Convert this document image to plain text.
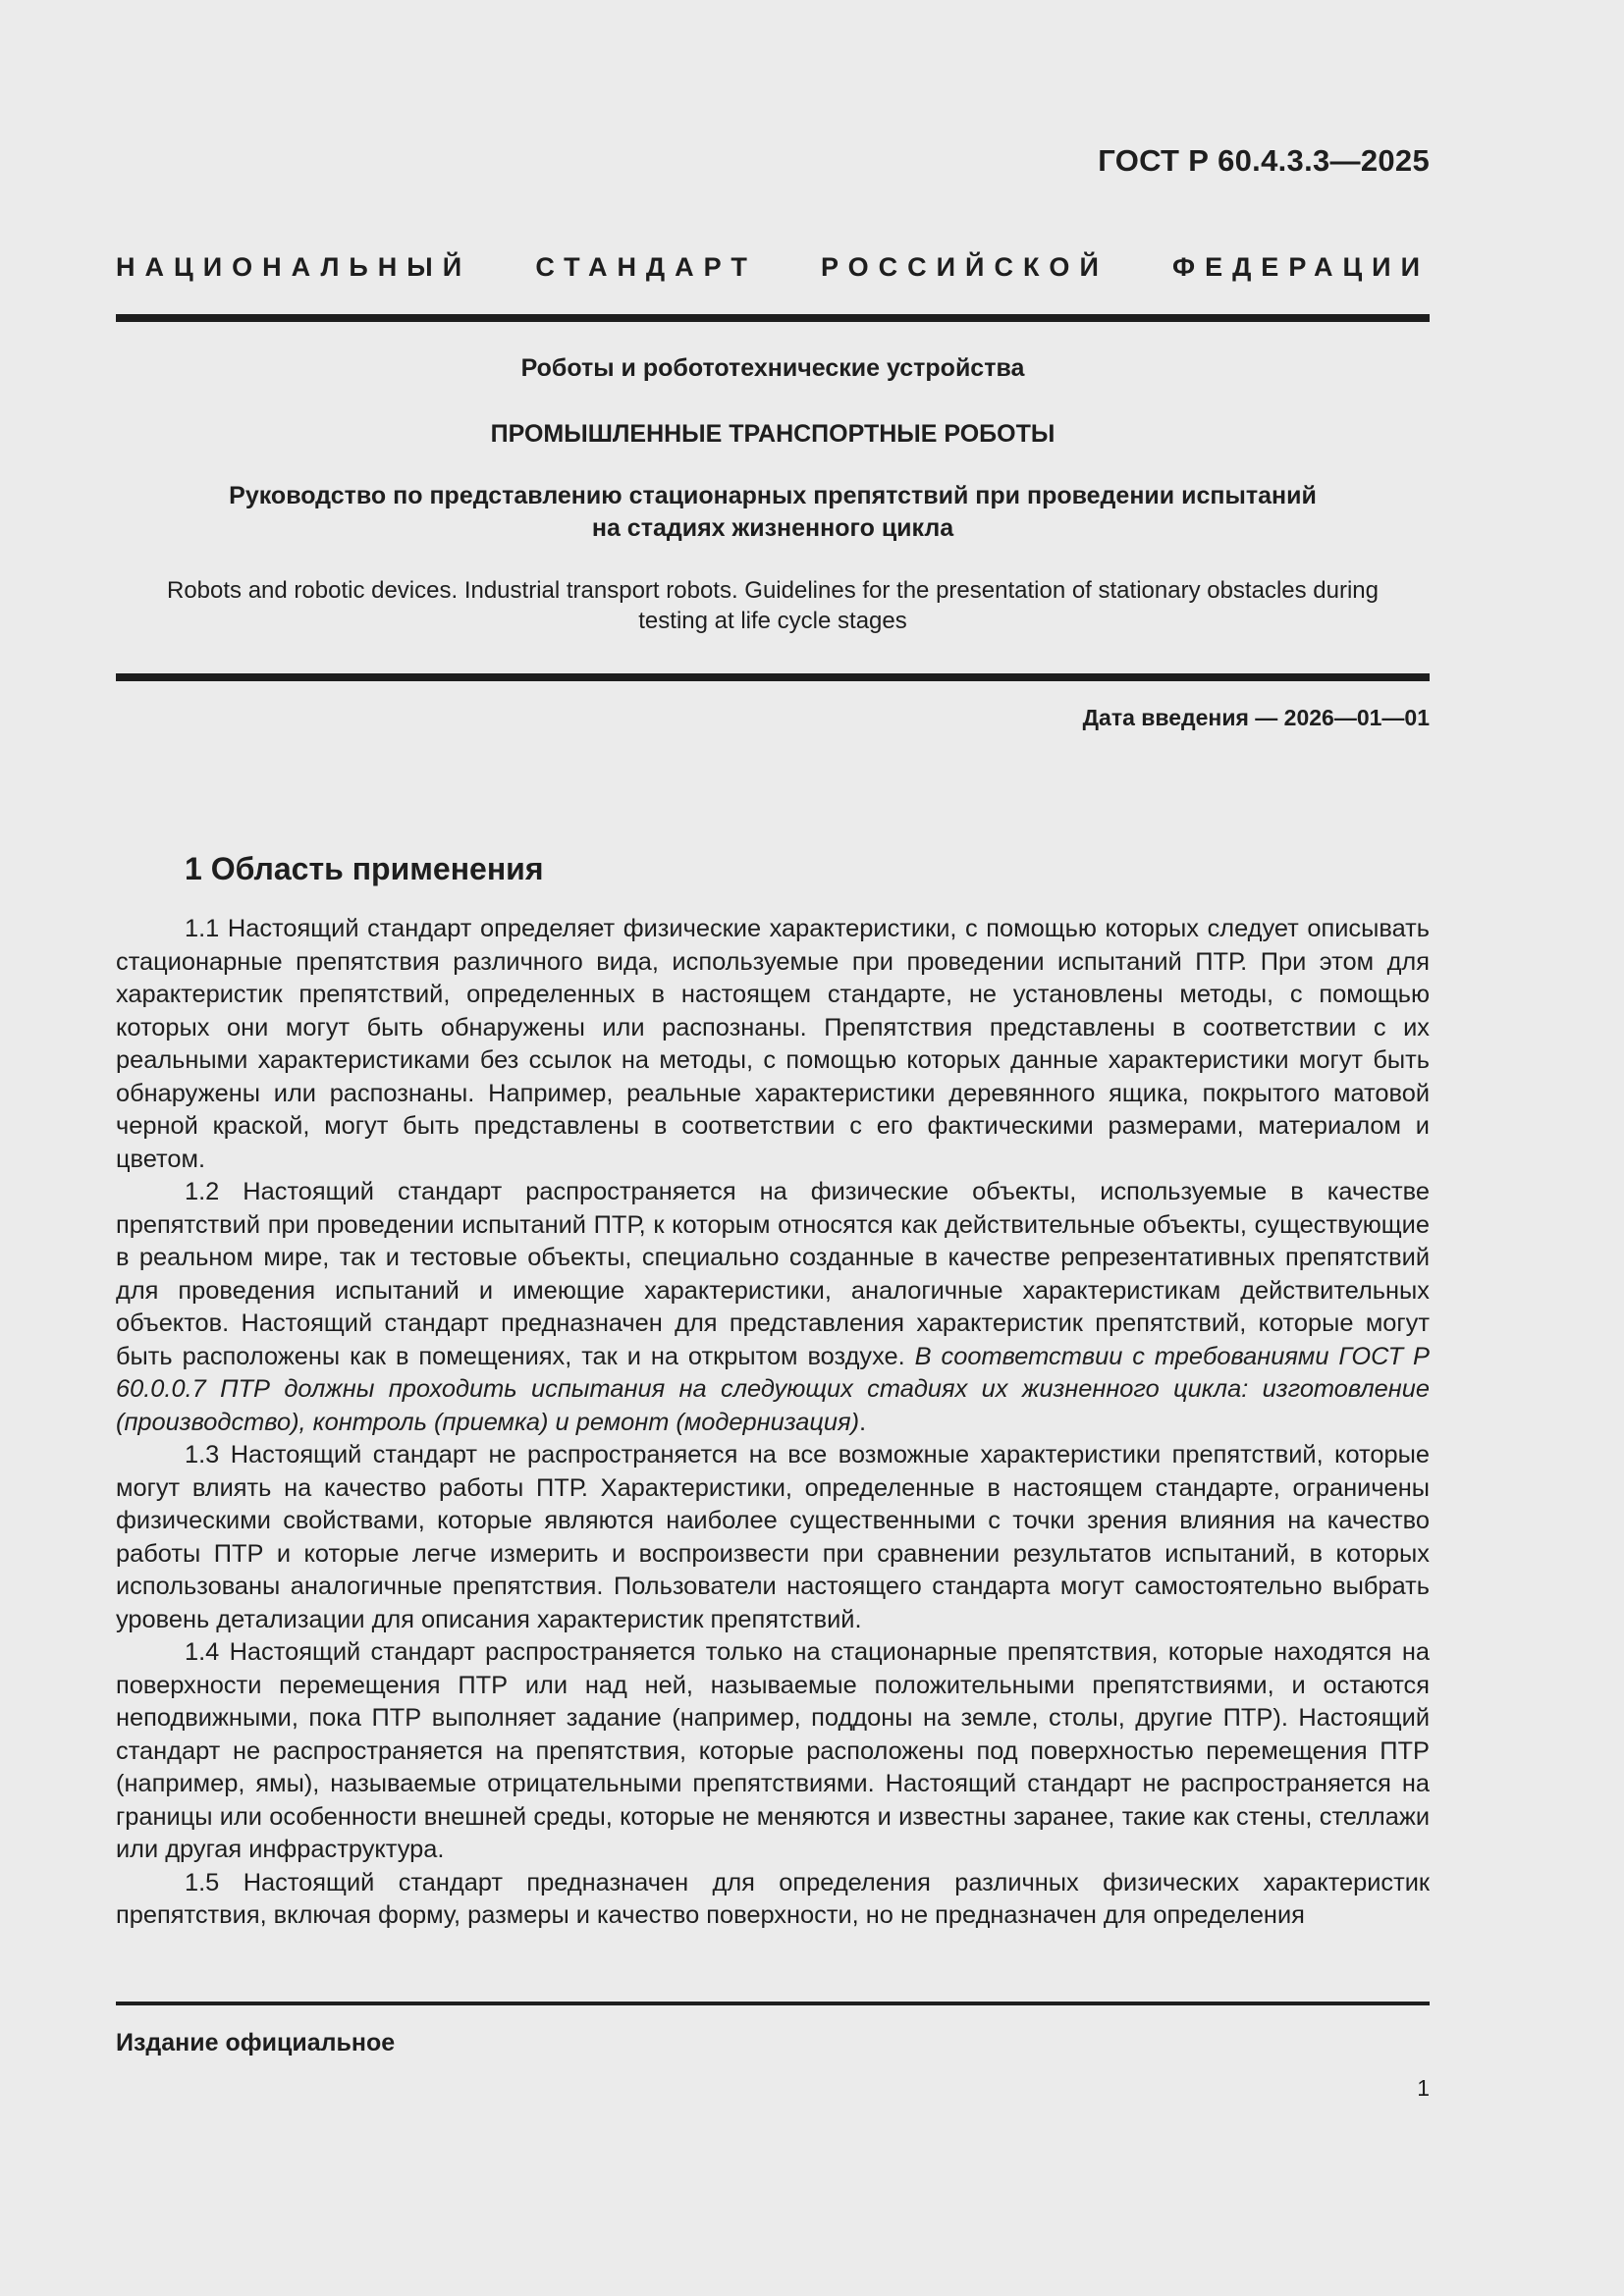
ГОСТ Р 60.4.3.3—2025
НАЦИОНАЛЬНЫЙ СТАНДАРТ РОССИЙСКОЙ ФЕДЕРАЦИИ
Роботы и робототехнические устройства
ПРОМЫШЛЕННЫЕ ТРАНСПОРТНЫЕ РОБОТЫ
Руководство по представлению стационарных препятствий при проведении испытаний
на стадиях жизненного цикла
Robots and robotic devices. Industrial transport robots. Guidelines for the presentation of stationary obstacles during
testing at life cycle stages
Дата введения — 2026—01—01
1 Область применения

1.1 Настоящий стандарт определяет физические характеристики, с помощью которых следует описывать стационарные препятствия различного вида, используемые при проведении испытаний ПТР. При этом для характеристик препятствий, определенных в настоящем стандарте, не установлены методы, с помощью которых они могут быть обнаружены или распознаны. Препятствия представлены в соответствии с их реальными характеристиками без ссылок на методы, с помощью которых данные характеристики могут быть обнаружены или распознаны. Например, реальные характеристики деревянного ящика, покрытого матовой черной краской, могут быть представлены в соответствии с его фактическими размерами, материалом и цветом.

1.2 Настоящий стандарт распространяется на физические объекты, используемые в качестве препятствий при проведении испытаний ПТР, к которым относятся как действительные объекты, существующие в реальном мире, так и тестовые объекты, специально созданные в качестве репрезентативных препятствий для проведения испытаний и имеющие характеристики, аналогичные характеристикам действительных объектов. Настоящий стандарт предназначен для представления характеристик препятствий, которые могут быть расположены как в помещениях, так и на открытом воздухе. В соответствии с требованиями ГОСТ Р 60.0.0.7 ПТР должны проходить испытания на следующих стадиях их жизненного цикла: изготовление (производство), контроль (приемка) и ремонт (модернизация).

1.3 Настоящий стандарт не распространяется на все возможные характеристики препятствий, которые могут влиять на качество работы ПТР. Характеристики, определенные в настоящем стандарте, ограничены физическими свойствами, которые являются наиболее существенными с точки зрения влияния на качество работы ПТР и которые легче измерить и воспроизвести при сравнении результатов испытаний, в которых использованы аналогичные препятствия. Пользователи настоящего стандарта могут самостоятельно выбрать уровень детализации для описания характеристик препятствий.

1.4 Настоящий стандарт распространяется только на стационарные препятствия, которые находятся на поверхности перемещения ПТР или над ней, называемые положительными препятствиями, и остаются неподвижными, пока ПТР выполняет задание (например, поддоны на земле, столы, другие ПТР). Настоящий стандарт не распространяется на препятствия, которые расположены под поверхностью перемещения ПТР (например, ямы), называемые отрицательными препятствиями. Настоящий стандарт не распространяется на границы или особенности внешней среды, которые не меняются и известны заранее, такие как стены, стеллажи или другая инфраструктура.

1.5 Настоящий стандарт предназначен для определения различных физических характеристик препятствия, включая форму, размеры и качество поверхности, но не предназначен для определения

Издание официальное
1
